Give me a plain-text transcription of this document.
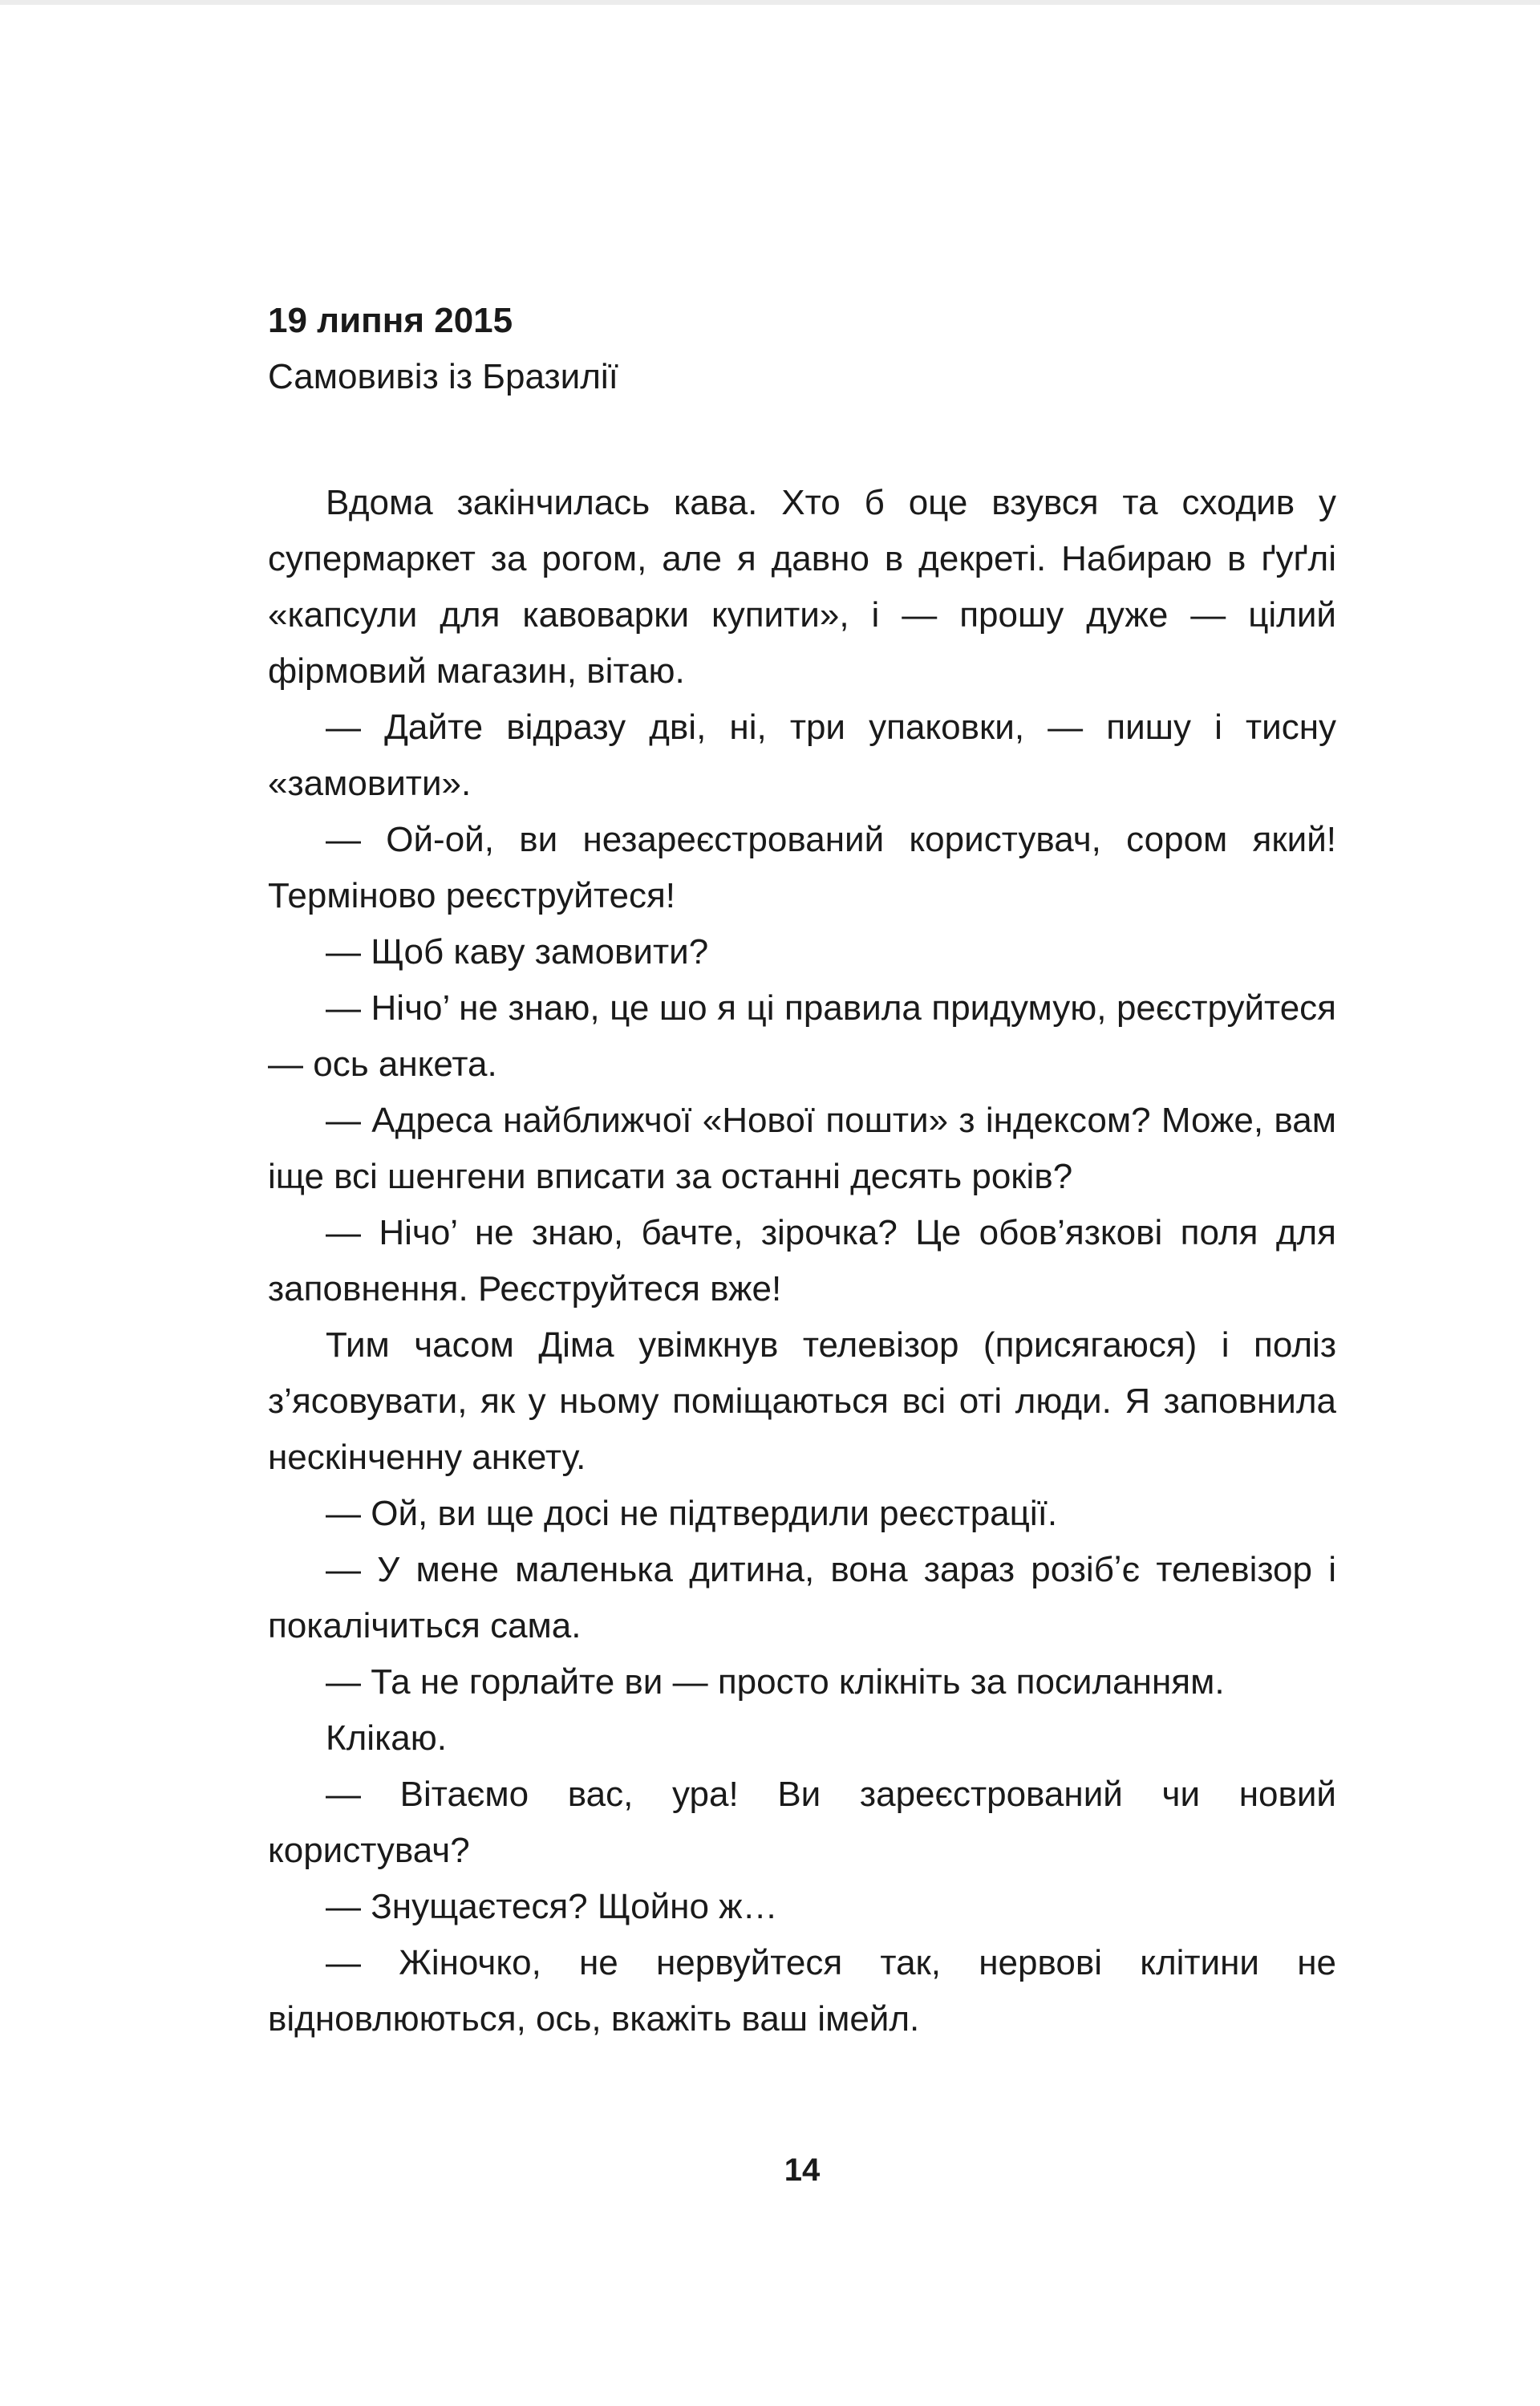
19 липня 2015

Самовивіз із Бразилії

Вдома закінчилась кава. Хто б оце взувся та сходив у супермаркет за рогом, але я давно в декреті. Набираю в ґуґлі «капсули для кавоварки купити», і — прошу дуже — цілий фірмовий магазин, вітаю.

— Дайте відразу дві, ні, три упаковки, — пишу і тисну «замовити».

— Ой-ой, ви незареєстрований користувач, сором який! Терміново реєструйтеся!

— Щоб каву замовити?

— Нічо’ не знаю, це шо я ці правила придумую, реєструйтеся — ось анкета.

— Адреса найближчої «Нової пошти» з індексом? Може, вам іще всі шенгени вписати за останні десять років?

— Нічо’ не знаю, бачте, зірочка? Це обов’язкові поля для заповнення. Реєструйтеся вже!

Тим часом Діма увімкнув телевізор (присягаюся) і поліз з’ясовувати, як у ньому поміщаються всі оті люди. Я заповнила нескінченну анкету.

— Ой, ви ще досі не підтвердили реєстрації.

— У мене маленька дитина, вона зараз розібʼє телевізор і покалічиться сама.

— Та не горлайте ви — просто клікніть за посиланням.

Клікаю.

— Вітаємо вас, ура! Ви зареєстрований чи новий користувач?

— Знущаєтеся? Щойно ж…

— Жіночко, не нервуйтеся так, нервові клітини не відновлюються, ось, вкажіть ваш імейл.

14
